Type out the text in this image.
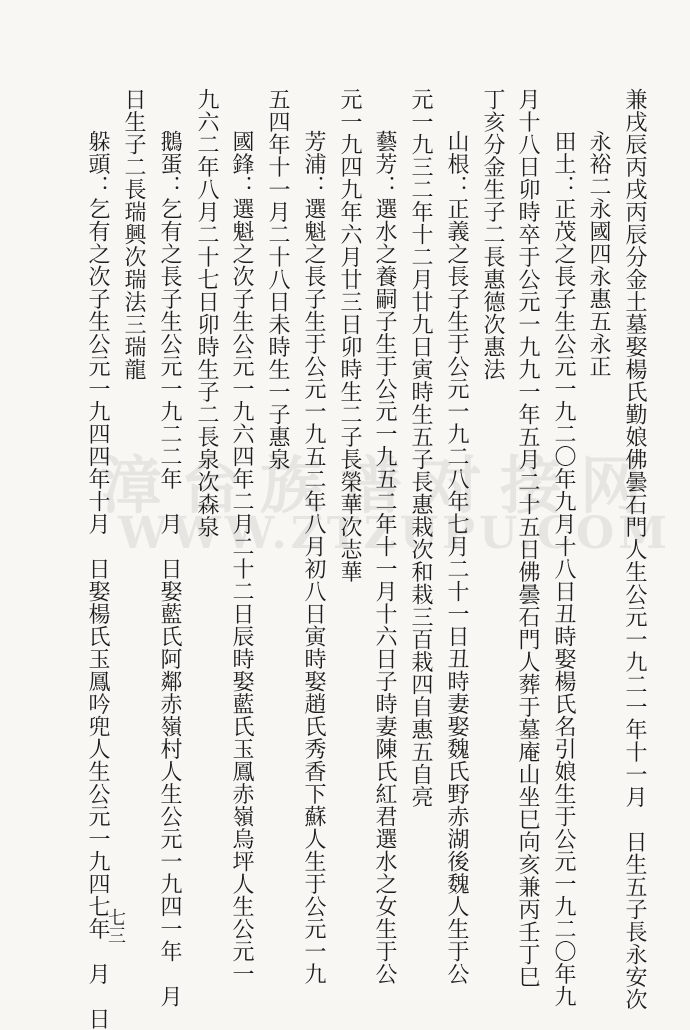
漳台族谱对接网
WWW.ZTZUPU.COM
兼戌辰丙戌丙辰分金土墓娶楊氏勤娘佛曇石門人生公元一九二一年十一月　日生五子長永安次
永裕二永國四永惠五永正
田土：正茂之長子生公元一九二〇年九月十八日丑時娶楊氏名引娘生于公元一九二〇年九
月十八日卯時卒于公元一九九一年五月二十五日佛曇石門人葬于墓庵山坐巳向亥兼丙壬丁巳
丁亥分金生子二長惠德次惠法
山根：正義之長子生于公元一九二八年七月二十一日丑時妻娶魏氏野赤湖後魏人生于公
元一九三二年十二月廿九日寅時生五子長惠栽次和栽三百栽四自惠五自亮
藝芳：選水之養嗣子生于公元一九五二年十一月十六日子時妻陳氏紅君選水之女生于公
元一九四九年六月廿三日卯時生二子長榮華次志華
芳浦：選魁之長子生于公元一九五二年八月初八日寅時娶趙氏秀香下蘇人生于公元一九
五四年十一月二十八日未時生一子惠泉
國鋒：選魁之次子生公元一九六四年二月二十二日辰時娶藍氏玉鳳赤嶺烏坪人生公元一
九六二年八月二十七日卯時生子二長泉次森泉
鵝蛋：乞有之長子生公元一九二二年　月　日娶藍氏阿鄰赤嶺村人生公元一九四一年　月
日生子二長瑞興次瑞法三瑞龍
躲頭：乞有之次子生公元一九四四年十月　日娶楊氏玉鳳吟兜人生公元一九四七年　月　日
七三
